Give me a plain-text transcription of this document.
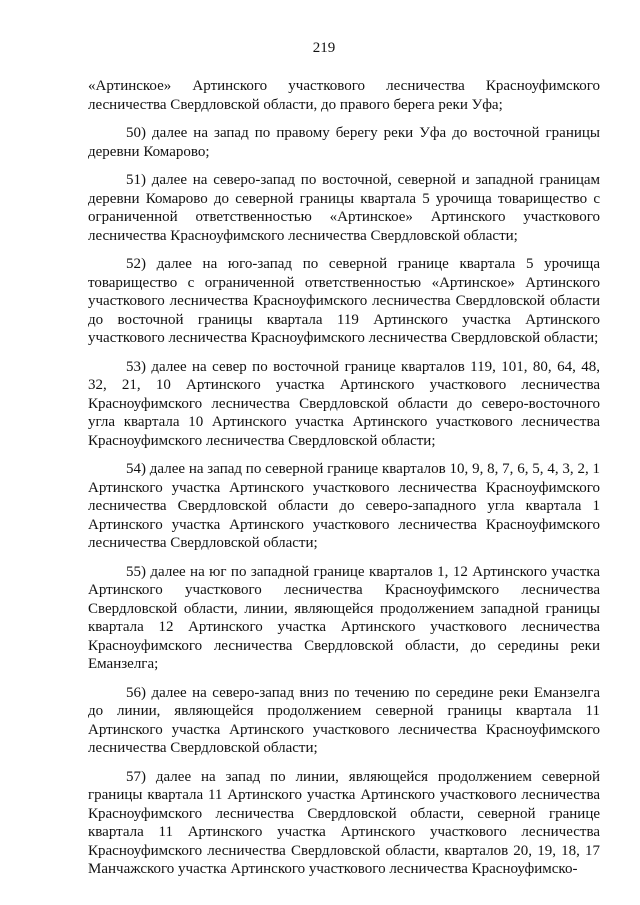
219

«Артинское» Артинского участкового лесничества Красноуфимского лесничества Свердловской области, до правого берега реки Уфа;

50) далее на запад по правому берегу реки Уфа до восточной границы деревни Комарово;

51) далее на северо-запад по восточной, северной и западной границам деревни Комарово до северной границы квартала 5 урочища товарищество с ограниченной ответственностью «Артинское» Артинского участкового лесничества Красноуфимского лесничества Свердловской области;

52) далее на юго-запад по северной границе квартала 5 урочища товарищество с ограниченной ответственностью «Артинское» Артинского участкового лесничества Красноуфимского лесничества Свердловской области до восточной границы квартала 119 Артинского участка Артинского участкового лесничества Красноуфимского лесничества Свердловской области;

53) далее на север по восточной границе кварталов 119, 101, 80, 64, 48, 32, 21, 10 Артинского участка Артинского участкового лесничества Красноуфимского лесничества Свердловской области до северо-восточного угла квартала 10 Артинского участка Артинского участкового лесничества Красноуфимского лесничества Свердловской области;

54) далее на запад по северной границе кварталов 10, 9, 8, 7, 6, 5, 4, 3, 2, 1 Артинского участка Артинского участкового лесничества Красноуфимского лесничества Свердловской области до северо-западного угла квартала 1 Артинского участка Артинского участкового лесничества Красноуфимского лесничества Свердловской области;

55) далее на юг по западной границе кварталов 1, 12 Артинского участка Артинского участкового лесничества Красноуфимского лесничества Свердловской области, линии, являющейся продолжением западной границы квартала 12 Артинского участка Артинского участкового лесничества Красноуфимского лесничества Свердловской области, до середины реки Еманзелга;

56) далее на северо-запад вниз по течению по середине реки Еманзелга до линии, являющейся продолжением северной границы квартала 11 Артинского участка Артинского участкового лесничества Красноуфимского лесничества Свердловской области;

57) далее на запад по линии, являющейся продолжением северной границы квартала 11 Артинского участка Артинского участкового лесничества Красноуфимского лесничества Свердловской области, северной границе квартала 11 Артинского участка Артинского участкового лесничества Красноуфимского лесничества Свердловской области, кварталов 20, 19, 18, 17 Манчажского участка Артинского участкового лесничества Красноуфимско-
